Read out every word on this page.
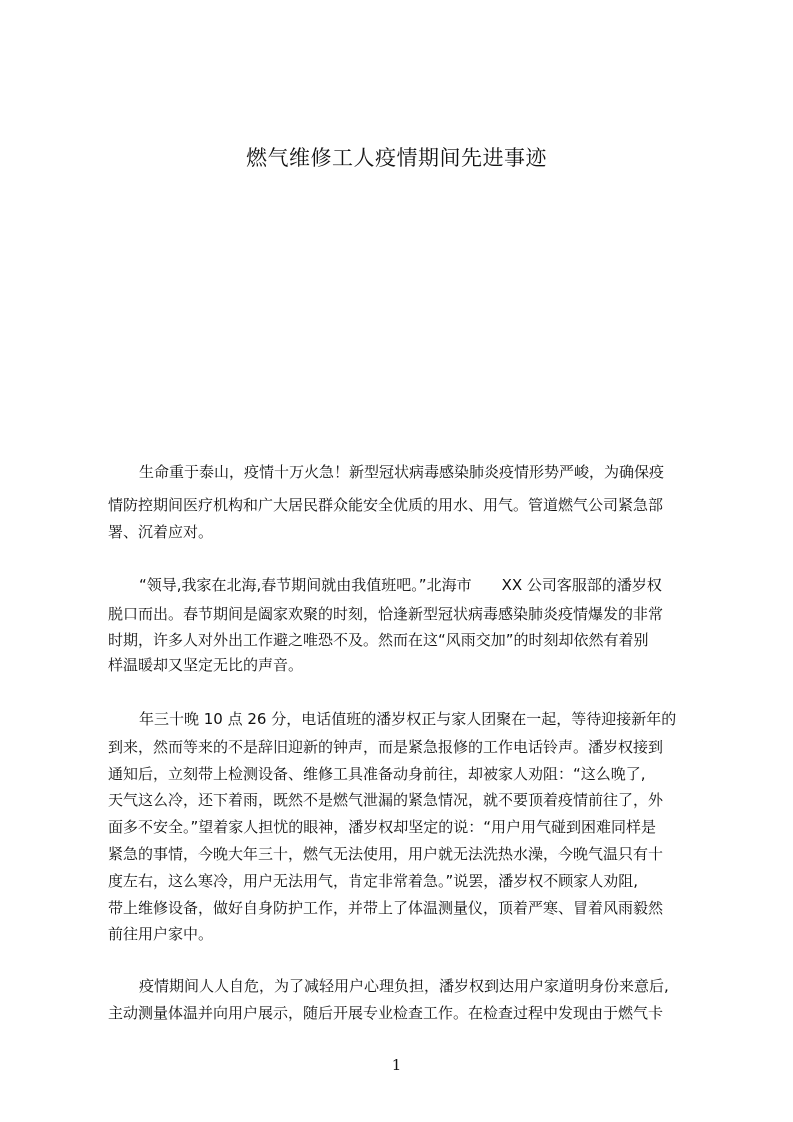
燃气维修工人疫情期间先进事迹

生命重于泰山，疫情十万火急！新型冠状病毒感染肺炎疫情形势严峻，为确保疫

情防控期间医疗机构和广大居民群众能安全优质的用水、用气。管道燃气公司紧急部

署、沉着应对。

“领导,我家在北海,春节期间就由我值班吧。”北海市　　XX 公司客服部的潘岁权

脱口而出。春节期间是阖家欢聚的时刻，恰逢新型冠状病毒感染肺炎疫情爆发的非常

时期，许多人对外出工作避之唯恐不及。然而在这“风雨交加”的时刻却依然有着别

样温暖却又坚定无比的声音。

年三十晚 10 点 26 分，电话值班的潘岁权正与家人团聚在一起，等待迎接新年的

到来，然而等来的不是辞旧迎新的钟声，而是紧急报修的工作电话铃声。潘岁权接到

通知后，立刻带上检测设备、维修工具准备动身前往，却被家人劝阻：“这么晚了,

天气这么冷，还下着雨，既然不是燃气泄漏的紧急情况，就不要顶着疫情前往了，外

面多不安全。”望着家人担忧的眼神，潘岁权却坚定的说：“用户用气碰到困难同样是

紧急的事情，今晚大年三十，燃气无法使用，用户就无法洗热水澡，今晚气温只有十

度左右，这么寒冷，用户无法用气，肯定非常着急。”说罢，潘岁权不顾家人劝阻,

带上维修设备，做好自身防护工作，并带上了体温测量仪，顶着严寒、冒着风雨毅然

前往用户家中。

疫情期间人人自危，为了减轻用户心理负担，潘岁权到达用户家道明身份来意后,

主动测量体温并向用户展示，随后开展专业检查工作。在检查过程中发现由于燃气卡

1
